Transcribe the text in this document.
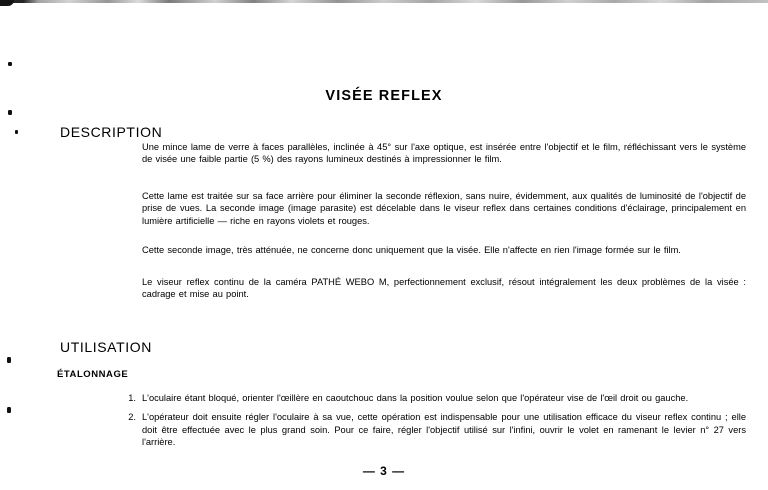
VISÉE REFLEX
DESCRIPTION
Une mince lame de verre à faces parallèles, inclinée à 45° sur l'axe optique, est insérée entre l'objectif et le film, réfléchissant vers le système de visée une faible partie (5 %) des rayons lumineux destinés à impressionner le film.
Cette lame est traitée sur sa face arrière pour éliminer la seconde réflexion, sans nuire, évidemment, aux qualités de luminosité de l'objectif de prise de vues. La seconde image (image parasite) est décelable dans le viseur reflex dans certaines conditions d'éclairage, principalement en lumière artificielle — riche en rayons violets et rouges.
Cette seconde image, très atténuée, ne concerne donc uniquement que la visée. Elle n'affecte en rien l'image formée sur le film.
Le viseur reflex continu de la caméra PATHÉ WEBO M, perfectionnement exclusif, résout intégralement les deux problèmes de la visée : cadrage et mise au point.
UTILISATION
ÉTALONNAGE
1. L'oculaire étant bloqué, orienter l'œillère en caoutchouc dans la position voulue selon que l'opérateur vise de l'œil droit ou gauche.
2. L'opérateur doit ensuite régler l'oculaire à sa vue, cette opération est indispensable pour une utilisation efficace du viseur reflex continu ; elle doit être effectuée avec le plus grand soin. Pour ce faire, régler l'objectif utilisé sur l'infini, ouvrir le volet en ramenant le levier n° 27 vers l'arrière.
— 3 —
